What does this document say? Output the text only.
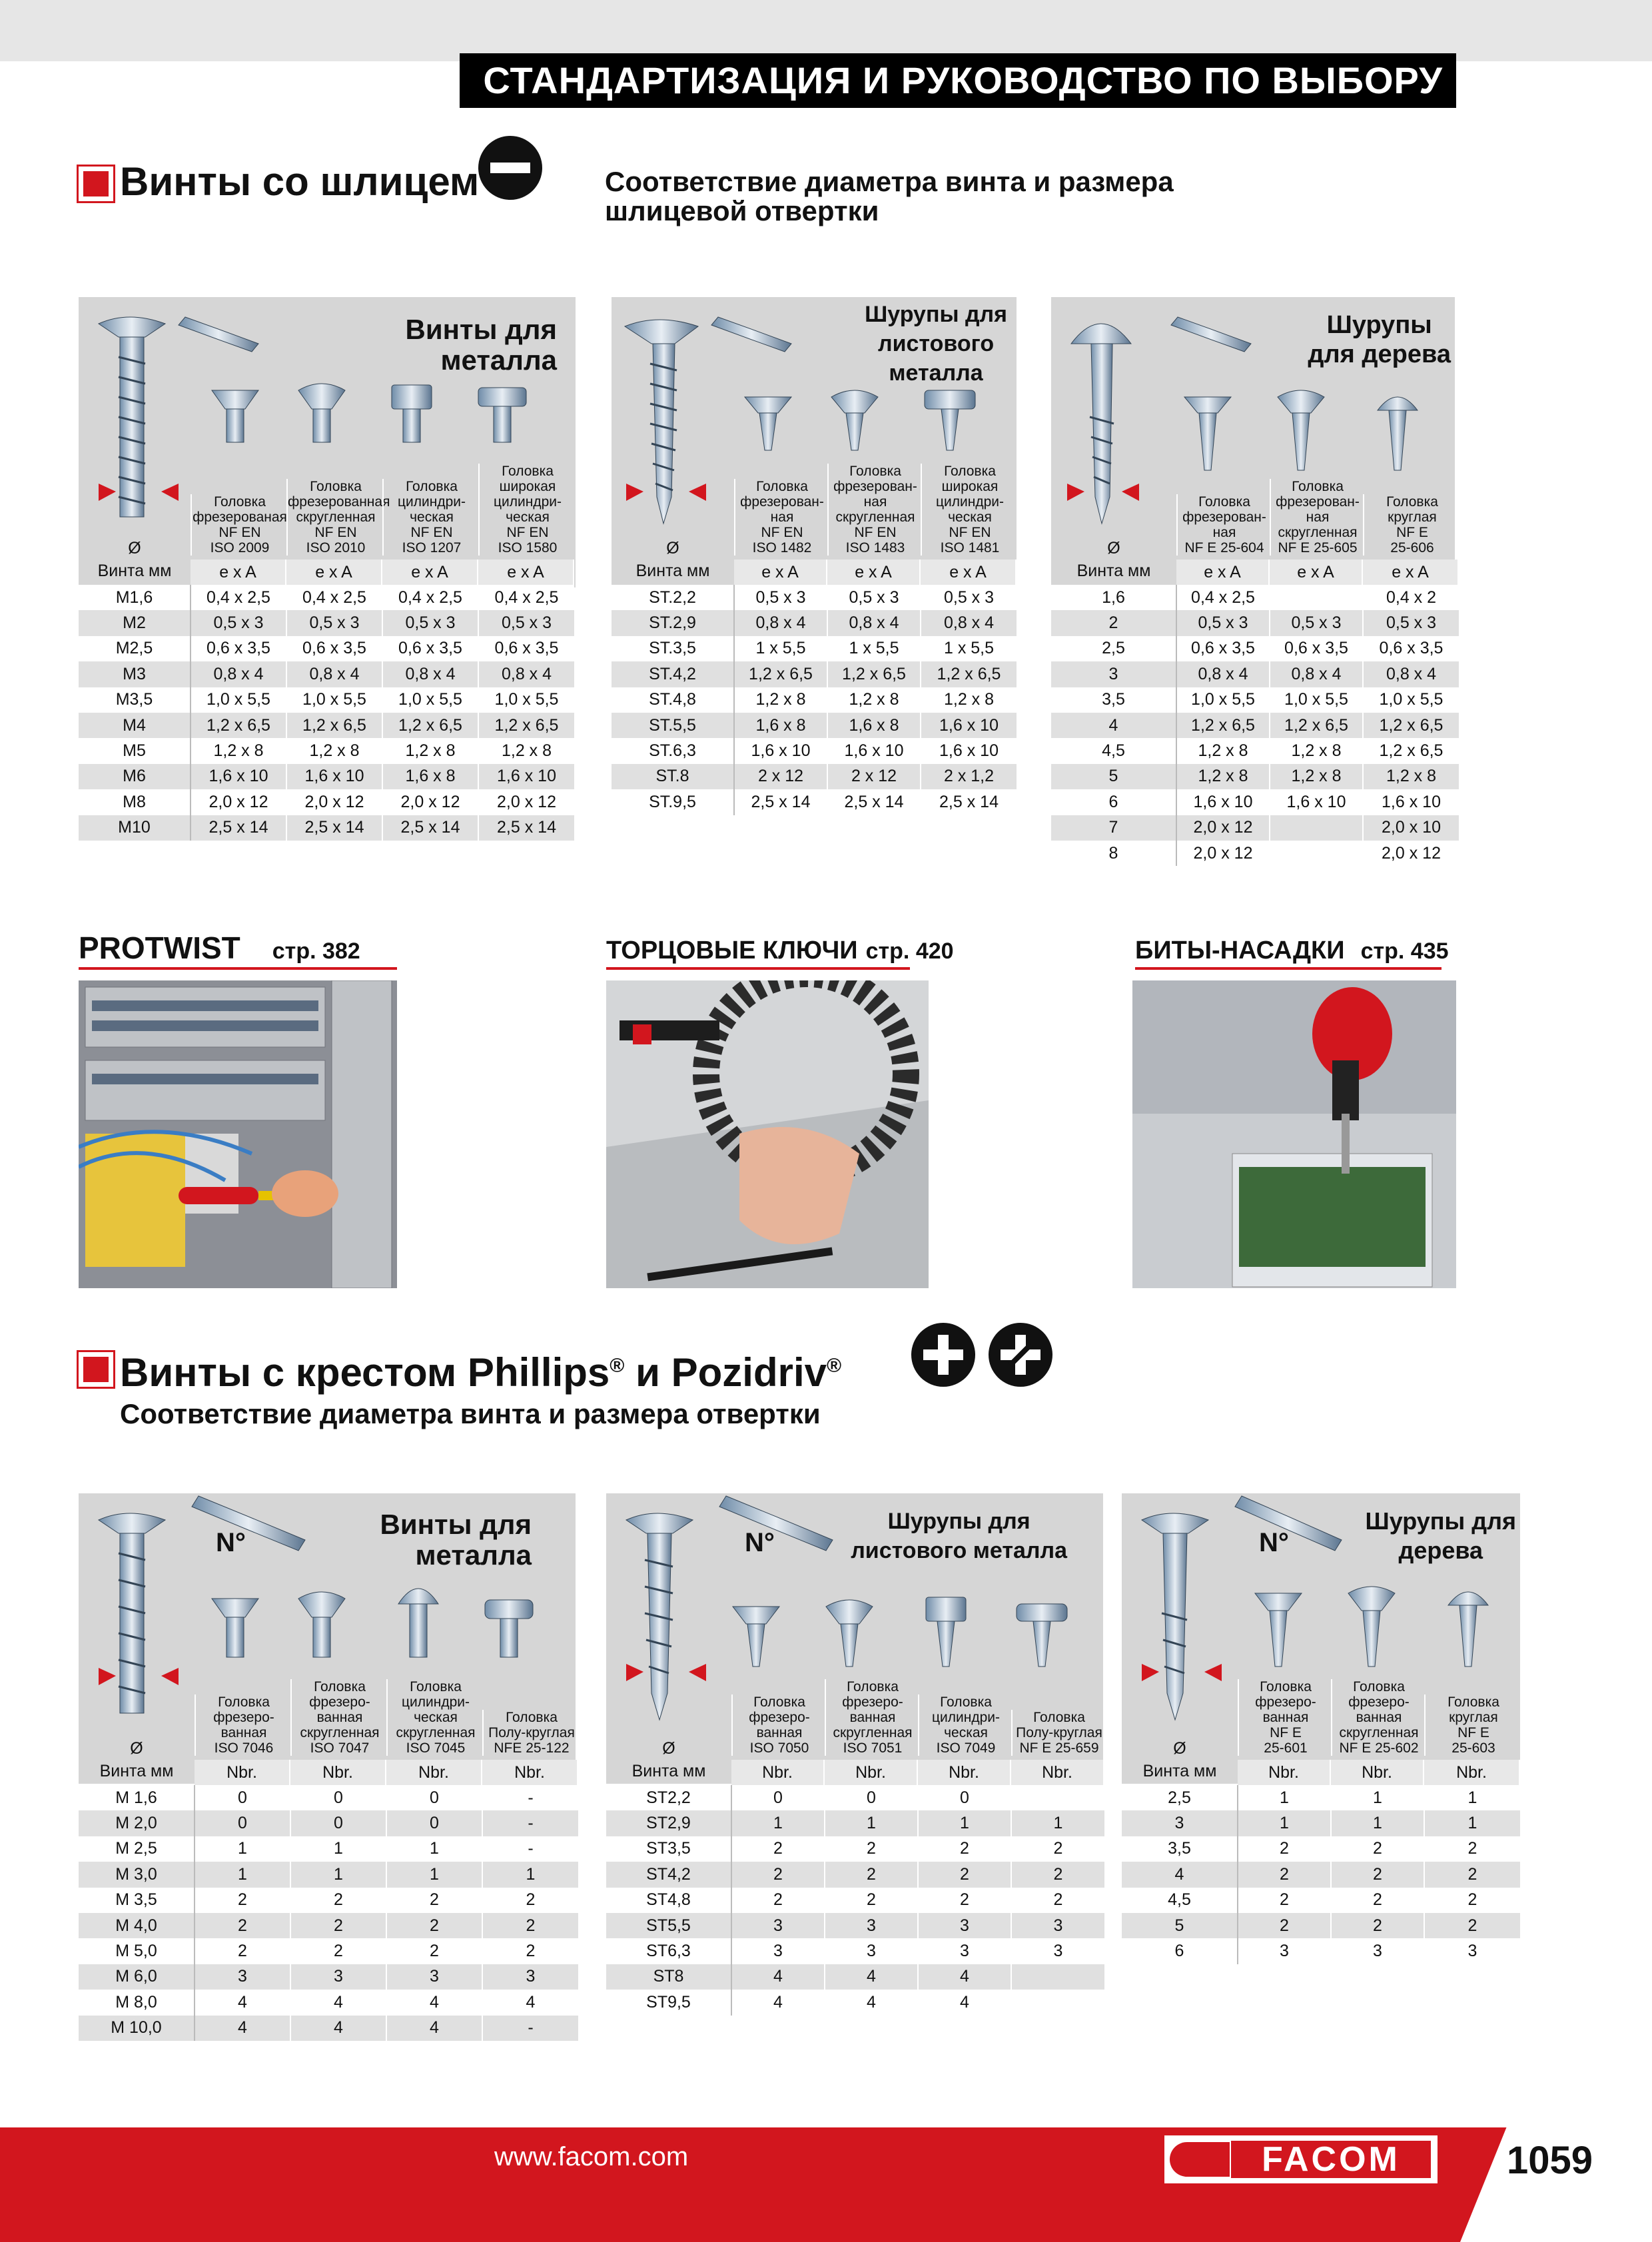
СТАНДАРТИЗАЦИЯ И РУКОВОДСТВО ПО ВЫБОРУ
Винты со шлицем	Соответствие диаметра винта и размера
шлицевой отвертки
Винты для
металла
Шурупы для
листового
металла
Шурупы
для дерева
PROTWIST стр. 382	ТОРЦОВЫЕ КЛЮЧИ стр. 420	БИТЫ-НАСАДКИ стр. 435
Винты с крестом Phillips® и Pozidriv®
Соответствие диаметра винта и размера отвертки
N°
Винты для
металла	N°
Шурупы для
листового металла	N°
Шурупы для
дерева
Ø
Винта мм
Головка
фрезерованая
NF EN
ISO 2009
e x A
Головка
фрезерованная
скругленная
NF EN
ISO 2010
e x A
Головка
цилиндри-
ческая
NF EN
ISO 1207
e x A
Головка
широкая
цилиндри-
ческая
NF EN
ISO 1580
e x A
M1,6	0,4 x 2,5	0,4 x 2,5	0,4 x 2,5	0,4 x 2,5
M2	0,5 x 3	0,5 x 3	0,5 x 3	0,5 x 3
M2,5	0,6 x 3,5	0,6 x 3,5	0,6 x 3,5	0,6 x 3,5
M3	0,8 x 4	0,8 x 4	0,8 x 4	0,8 x 4
M3,5	1,0 x 5,5	1,0 x 5,5	1,0 x 5,5	1,0 x 5,5
M4	1,2 x 6,5	1,2 x 6,5	1,2 x 6,5	1,2 x 6,5
M5	1,2 x 8	1,2 x 8	1,2 x 8	1,2 x 8
M6	1,6 x 10	1,6 x 10	1,6 x 8	1,6 x 10
M8	2,0 x 12	2,0 x 12	2,0 x 12	2,0 x 12
M10	2,5 x 14	2,5 x 14	2,5 x 14	2,5 x 14
Ø
Винта мм
Головка
фрезерован-
ная
NF EN
ISO 1482
e x A
Головка
фрезерован-
ная
скругленная
NF EN
ISO 1483
e x A
Головка
широкая
цилиндри-
ческая
NF EN
ISO 1481
e x A
ST.2,2	0,5 x 3	0,5 x 3	0,5 x 3
ST.2,9	0,8 x 4	0,8 x 4	0,8 x 4
ST.3,5	1 x 5,5	1 x 5,5	1 x 5,5
ST.4,2	1,2 x 6,5	1,2 x 6,5	1,2 x 6,5
ST.4,8	1,2 x 8	1,2 x 8	1,2 x 8
ST.5,5	1,6 x 8	1,6 x 8	1,6 x 10
ST.6,3	1,6 x 10	1,6 x 10	1,6 x 10
ST.8	2 x 12	2 x 12	2 x 1,2
ST.9,5	2,5 x 14	2,5 x 14	2,5 x 14
Ø
Винта мм
Головка
фрезерован-
ная
NF E 25-604
e x A
Головка
фрезерован-
ная
скругленная
NF E 25-605
e x A
Головка
круглая
NF E
25-606
e x A
1,6	0,4 x 2,5		0,4 x 2
2	0,5 x 3	0,5 x 3	0,5 x 3
2,5	0,6 x 3,5	0,6 x 3,5	0,6 x 3,5
3	0,8 x 4	0,8 x 4	0,8 x 4
3,5	1,0 x 5,5	1,0 x 5,5	1,0 x 5,5
4	1,2 x 6,5	1,2 x 6,5	1,2 x 6,5
4,5	1,2 x 8	1,2 x 8	1,2 x 6,5
5	1,2 x 8	1,2 x 8	1,2 x 8
6	1,6 x 10	1,6 x 10	1,6 x 10
7	2,0 x 12		2,0 x 10
8	2,0 x 12		2,0 x 12
Ø
Винта мм
Головка
фрезеро-
ванная
ISO 7046
Nbr.
Головка
фрезеро-
ванная
скругленная
ISO 7047
Nbr.
Головка
цилиндри-
ческая
скругленная
ISO 7045
Nbr.
Головка
Полу-круглая
NFE 25-122
Nbr.
M 1,6	0	0	0	-
M 2,0	0	0	0	-
M 2,5	1	1	1	-
M 3,0	1	1	1	1
M 3,5	2	2	2	2
M 4,0	2	2	2	2
M 5,0	2	2	2	2
M 6,0	3	3	3	3
M 8,0	4	4	4	4
M 10,0	4	4	4	-
Ø
Винта мм
Головка
фрезеро-
ванная
ISO 7050
Nbr.
Головка
фрезеро-
ванная
скругленная
ISO 7051
Nbr.
Головка
цилиндри-
ческая
ISO 7049
Nbr.
Головка
Полу-круглая
NF E 25-659
Nbr.
ST2,2	0	0	0	
ST2,9	1	1	1	1
ST3,5	2	2	2	2
ST4,2	2	2	2	2
ST4,8	2	2	2	2
ST5,5	3	3	3	3
ST6,3	3	3	3	3
ST8	4	4	4	
ST9,5	4	4	4	
Ø
Винта мм
Головка
фрезеро-
ванная
NF E
25-601
Nbr.
Головка
фрезеро-
ванная
скругленная
NF E 25-602
Nbr.
Головка
круглая
NF E
25-603
Nbr.
2,5	1	1	1
3	1	1	1
3,5	2	2	2
4	2	2	2
4,5	2	2	2
5	2	2	2
6	3	3	3
www.facom.com	FACOM	1059
